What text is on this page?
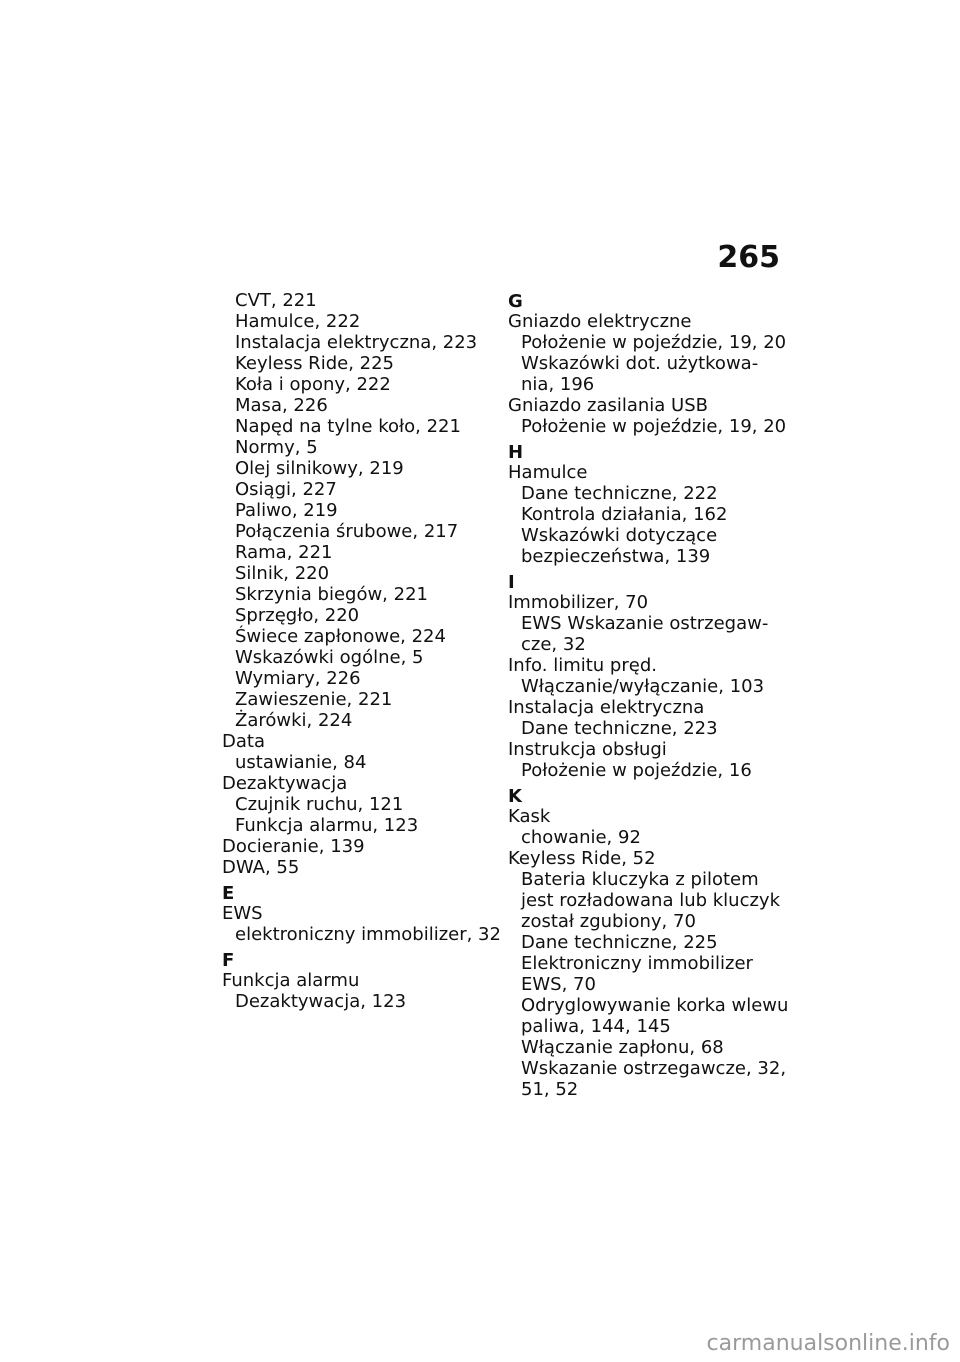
265
CVT, 221
Hamulce, 222
Instalacja elektryczna, 223
Keyless Ride, 225
Koła i opony, 222
Masa, 226
Napęd na tylne koło, 221
Normy, 5
Olej silnikowy, 219
Osiągi, 227
Paliwo, 219
Połączenia śrubowe, 217
Rama, 221
Silnik, 220
Skrzynia biegów, 221
Sprzęgło, 220
Świece zapłonowe, 224
Wskazówki ogólne, 5
Wymiary, 226
Zawieszenie, 221
Żarówki, 224
Data
ustawianie, 84
Dezaktywacja
Czujnik ruchu, 121
Funkcja alarmu, 123
Docieranie, 139
DWA, 55
E
EWS
elektroniczny immobilizer, 32
F
Funkcja alarmu
Dezaktywacja, 123
G
Gniazdo elektryczne
Położenie w pojeździe, 19, 20
Wskazówki dot. użytkowa-
nia, 196
Gniazdo zasilania USB
Położenie w pojeździe, 19, 20
H
Hamulce
Dane techniczne, 222
Kontrola działania, 162
Wskazówki dotyczące
bezpieczeństwa, 139
I
Immobilizer, 70
EWS Wskazanie ostrzegaw-
cze, 32
Info. limitu pręd.
Włączanie/wyłączanie, 103
Instalacja elektryczna
Dane techniczne, 223
Instrukcja obsługi
Położenie w pojeździe, 16
K
Kask
chowanie, 92
Keyless Ride, 52
Bateria kluczyka z pilotem
jest rozładowana lub kluczyk
został zgubiony, 70
Dane techniczne, 225
Elektroniczny immobilizer
EWS, 70
Odryglowywanie korka wlewu
paliwa, 144, 145
Włączanie zapłonu, 68
Wskazanie ostrzegawcze, 32,
51, 52
carmanualsonline.info
